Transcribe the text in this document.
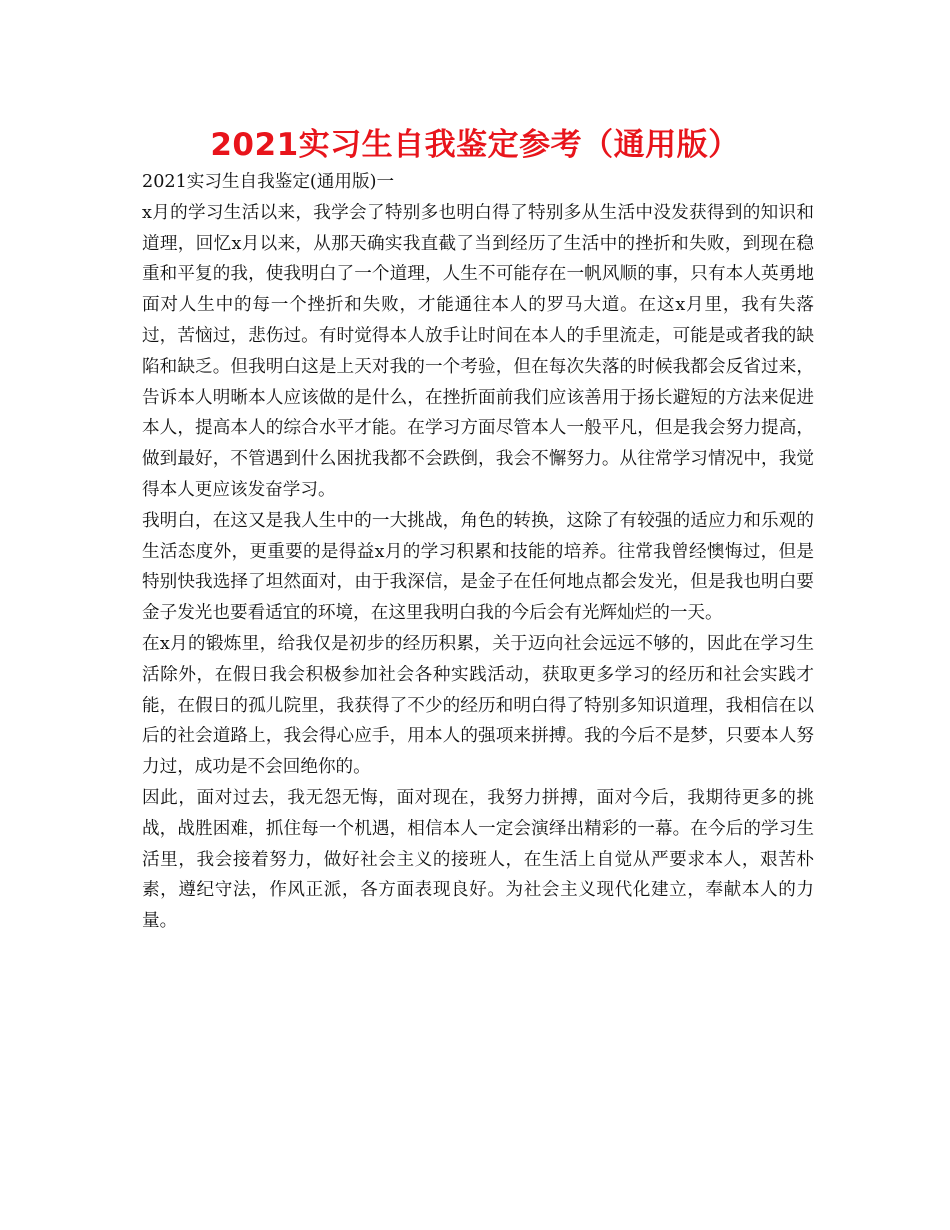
2021实习生自我鉴定参考（通用版）

2021实习生自我鉴定(通用版)一

x月的学习生活以来，我学会了特别多也明白得了特别多从生活中没发获得到的知识和道理，回忆x月以来，从那天确实我直截了当到经历了生活中的挫折和失败，到现在稳重和平复的我，使我明白了一个道理，人生不可能存在一帆风顺的事，只有本人英勇地面对人生中的每一个挫折和失败，才能通往本人的罗马大道。在这x月里，我有失落过，苦恼过，悲伤过。有时觉得本人放手让时间在本人的手里流走，可能是或者我的缺陷和缺乏。但我明白这是上天对我的一个考验，但在每次失落的时候我都会反省过来，告诉本人明晰本人应该做的是什么，在挫折面前我们应该善用于扬长避短的方法来促进本人，提高本人的综合水平才能。在学习方面尽管本人一般平凡，但是我会努力提高，做到最好，不管遇到什么困扰我都不会跌倒，我会不懈努力。从往常学习情况中，我觉得本人更应该发奋学习。

我明白，在这又是我人生中的一大挑战，角色的转换，这除了有较强的适应力和乐观的生活态度外，更重要的是得益x月的学习积累和技能的培养。往常我曾经懊悔过，但是特别快我选择了坦然面对，由于我深信，是金子在任何地点都会发光，但是我也明白要金子发光也要看适宜的环境，在这里我明白我的今后会有光辉灿烂的一天。

在x月的锻炼里，给我仅是初步的经历积累，关于迈向社会远远不够的，因此在学习生活除外，在假日我会积极参加社会各种实践活动，获取更多学习的经历和社会实践才能，在假日的孤儿院里，我获得了不少的经历和明白得了特别多知识道理，我相信在以后的社会道路上，我会得心应手，用本人的强项来拼搏。我的今后不是梦，只要本人努力过，成功是不会回绝你的。

因此，面对过去，我无怨无悔，面对现在，我努力拼搏，面对今后，我期待更多的挑战，战胜困难，抓住每一个机遇，相信本人一定会演绎出精彩的一幕。在今后的学习生活里，我会接着努力，做好社会主义的接班人，在生活上自觉从严要求本人，艰苦朴素，遵纪守法，作风正派，各方面表现良好。为社会主义现代化建立，奉献本人的力量。
